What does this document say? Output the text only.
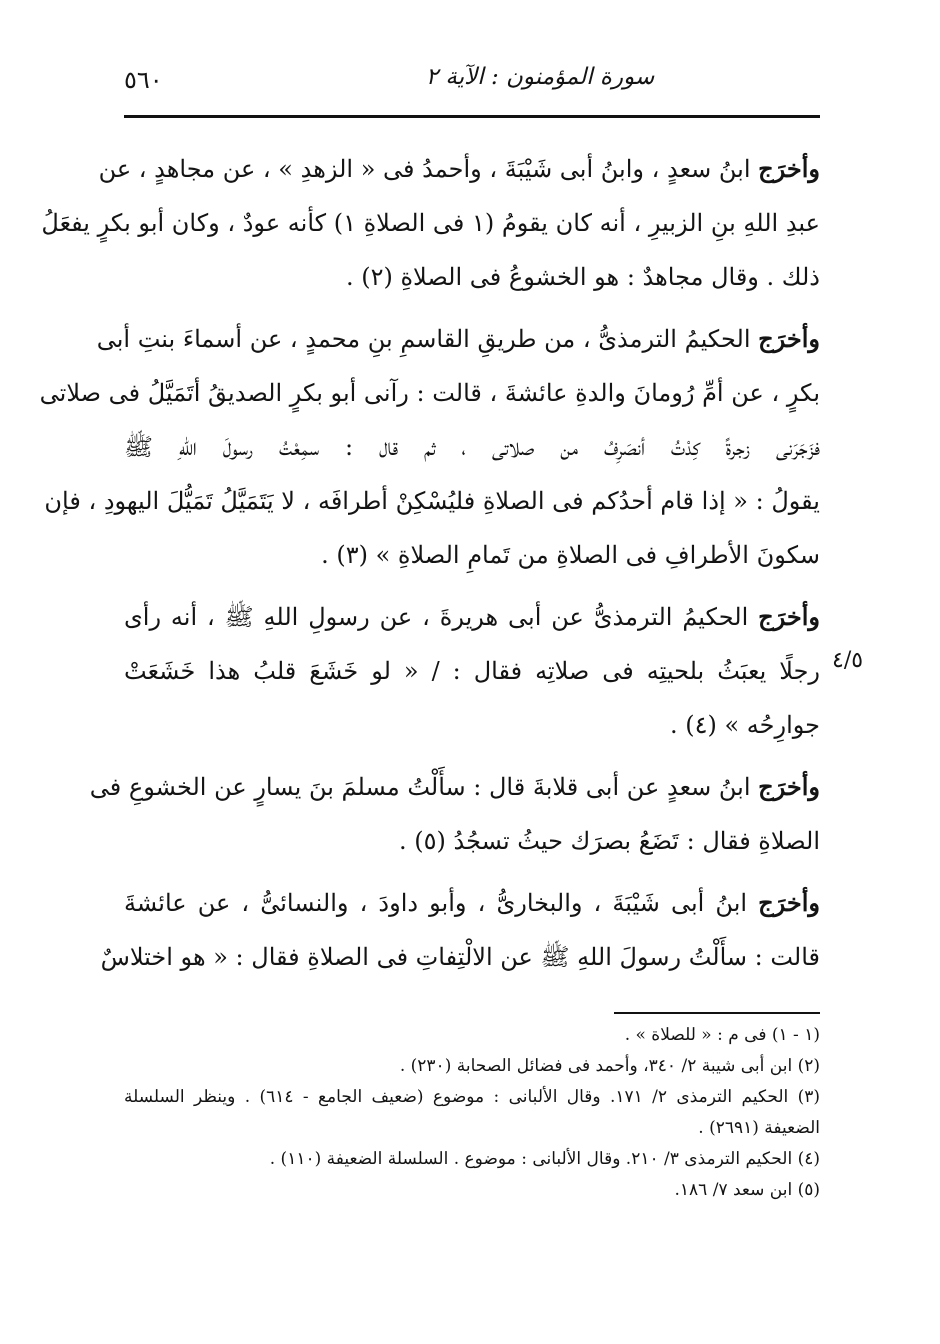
٥٦٠	سورة المؤمنون : الآية ٢
٤/٥

وأخرَج ابنُ سعدٍ ، وابنُ أبى شَيْبَةَ ، وأحمدُ فى « الزهدِ » ، عن مجاهدٍ ، عن
عبدِ اللهِ بنِ الزبيرِ ، أنه كان يقومُ (١ فى الصلاةِ ١) كأنه عودٌ ، وكان أبو بكرٍ يفعَلُ
ذلك . وقال مجاهدٌ : هو الخشوعُ فى الصلاةِ (٢) .

وأخرَج الحكيمُ الترمذىُّ ، من طريقِ القاسمِ بنِ محمدٍ ، عن أسماءَ بنتِ أبى
بكرٍ ، عن أمِّ رُومانَ والدةِ عائشةَ ، قالت : رآنى أبو بكرٍ الصديقُ أتَمَيَّلُ فى صلاتى
فزَجَرَنى زجرةً كِدْتُ أنصَرِفُ من صلاتى ، ثم قال : سمِعْتُ رسولَ اللهِ ﷺ
يقولُ : « إذا قام أحدُكم فى الصلاةِ فليُسْكِنْ أطرافَه ، لا يَتَمَيَّلُ تَمَيُّلَ اليهودِ ، فإن
سكونَ الأطرافِ فى الصلاةِ من تَمامِ الصلاةِ » (٣) .

وأخرَج الحكيمُ الترمذىُّ عن أبى هريرةَ ، عن رسولِ اللهِ ﷺ ، أنه رأى
رجلًا يعبَثُ بلحيتِه فى صلاتِه فقال : / « لو خَشَعَ قلبُ هذا خَشَعَتْ
جوارِحُه » (٤) .

وأخرَج ابنُ سعدٍ عن أبى قلابةَ قال : سأَلْتُ مسلمَ بنَ يسارٍ عن الخشوعِ فى
الصلاةِ فقال : تَضَعُ بصرَك حيثُ تسجُدُ (٥) .

وأخرَج ابنُ أبى شَيْبَةَ ، والبخارىُّ ، وأبو داودَ ، والنسائىُّ ، عن عائشةَ
قالت : سأَلْتُ رسولَ اللهِ ﷺ عن الالْتِفاتِ فى الصلاةِ فقال : « هو اختلاسٌ

(١ - ١) فى م : « للصلاة » .

(٢) ابن أبى شيبة ٢/ ٣٤٠، وأحمد فى فضائل الصحابة (٢٣٠) .

(٣) الحكيم الترمذى ٢/ ١٧١. وقال الألبانى : موضوع (ضعيف الجامع - ٦١٤) . وينظر السلسلة
الضعيفة (٢٦٩١) .

(٤) الحكيم الترمذى ٣/ ٢١٠. وقال الألبانى : موضوع . السلسلة الضعيفة (١١٠) .

(٥) ابن سعد ٧/ ١٨٦.
